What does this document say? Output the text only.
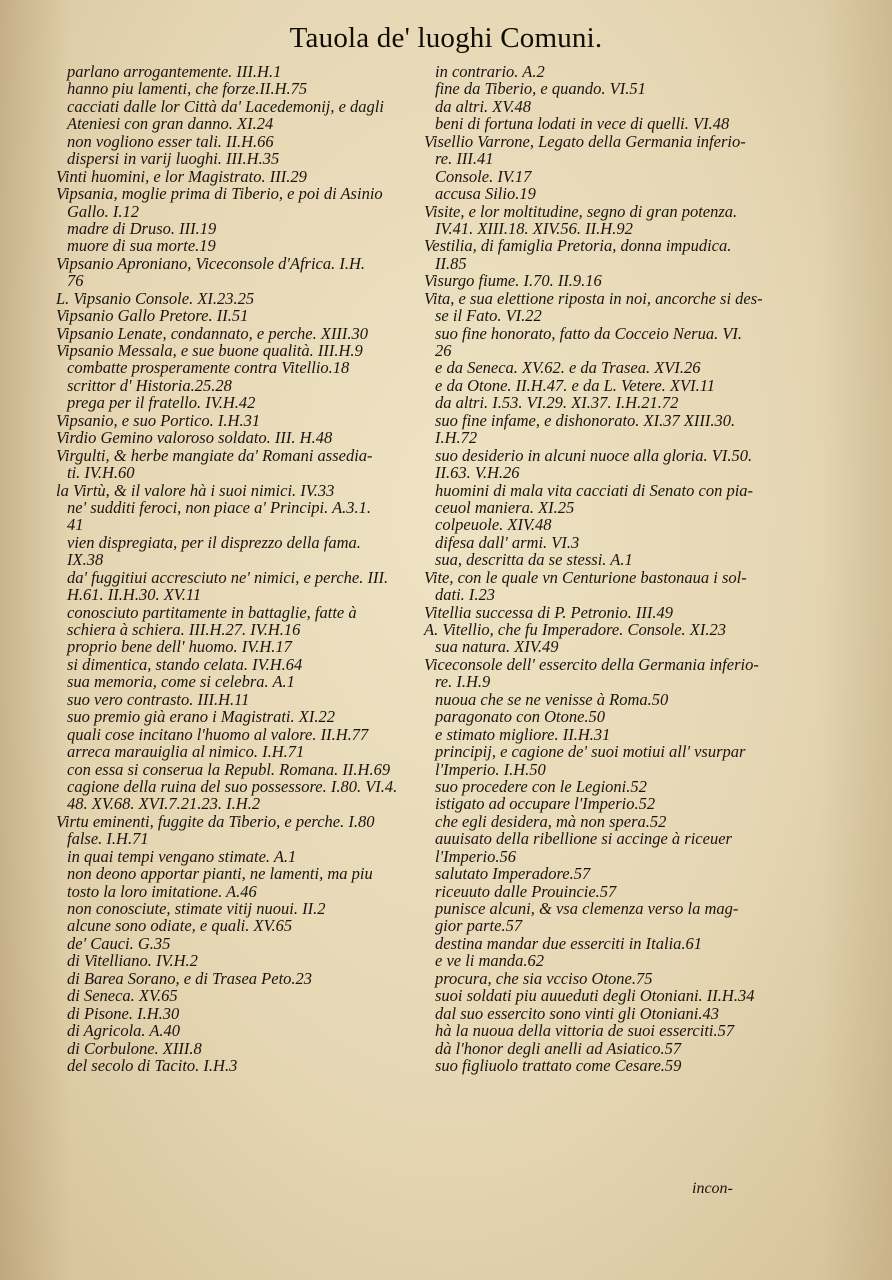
Tauola de' luoghi Comuni.
parlano arrogantemente. III.H.1
hanno piu lamenti, che forze.II.H.75
cacciati dalle lor Città da' Lacedemonij, e dagli
Ateniesi con gran danno. XI.24
non vogliono esser tali. II.H.66
dispersi in varij luoghi. III.H.35
Vinti huomini, e lor Magistrato. III.29
Vipsania, moglie prima di Tiberio, e poi di Asinio
Gallo. I.12
madre di Druso. III.19
muore di sua morte.19
Vipsanio Aproniano, Viceconsole d'Africa. I.H.
76
L. Vipsanio Console. XI.23.25
Vipsanio Gallo Pretore. II.51
Vipsanio Lenate, condannato, e perche. XIII.30
Vipsanio Messala, e sue buone qualità. III.H.9
combatte prosperamente contra Vitellio.18
scrittor d' Historia.25.28
prega per il fratello. IV.H.42
Vipsanio, e suo Portico. I.H.31
Virdio Gemino valoroso soldato. III. H.48
Virgulti, & herbe mangiate da' Romani assedia-
ti. IV.H.60
la Virtù, & il valore hà i suoi nimici. IV.33
ne' sudditi feroci, non piace a' Principi. A.3.1.
41
vien dispregiata, per il disprezzo della fama.
IX.38
da' fuggitiui accresciuto ne' nimici, e perche. III.
H.61. II.H.30. XV.11
conosciuto partitamente in battaglie, fatte à
schiera à schiera. III.H.27. IV.H.16
proprio bene dell' huomo. IV.H.17
si dimentica, stando celata. IV.H.64
sua memoria, come si celebra. A.1
suo vero contrasto. III.H.11
suo premio già erano i Magistrati. XI.22
quali cose incitano l'huomo al valore. II.H.77
arreca marauiglia al nimico. I.H.71
con essa si conserua la Republ. Romana. II.H.69
cagione della ruina del suo possessore. I.80. VI.4.
48. XV.68. XVI.7.21.23. I.H.2
Virtu eminenti, fuggite da Tiberio, e perche. I.80
false. I.H.71
in quai tempi vengano stimate. A.1
non deono apportar pianti, ne lamenti, ma piu
tosto la loro imitatione. A.46
non conosciute, stimate vitij nuoui. II.2
alcune sono odiate, e quali. XV.65
de' Cauci. G.35
di Vitelliano. IV.H.2
di Barea Sorano, e di Trasea Peto.23
di Seneca. XV.65
di Pisone. I.H.30
di Agricola. A.40
di Corbulone. XIII.8
del secolo di Tacito. I.H.3
in contrario. A.2
fine da Tiberio, e quando. VI.51
da altri. XV.48
beni di fortuna lodati in vece di quelli. VI.48
Visellio Varrone, Legato della Germania inferio-
re. III.41
Console. IV.17
accusa Silio.19
Visite, e lor moltitudine, segno di gran potenza.
IV.41. XIII.18. XIV.56. II.H.92
Vestilia, di famiglia Pretoria, donna impudica.
II.85
Visurgo fiume. I.70. II.9.16
Vita, e sua elettione riposta in noi, ancorche si des-
se il Fato. VI.22
suo fine honorato, fatto da Cocceio Nerua. VI.
26
e da Seneca. XV.62. e da Trasea. XVI.26
e da Otone. II.H.47. e da L. Vetere. XVI.11
da altri. I.53. VI.29. XI.37. I.H.21.72
suo fine infame, e dishonorato. XI.37 XIII.30.
I.H.72
suo desiderio in alcuni nuoce alla gloria. VI.50.
II.63. V.H.26
huomini di mala vita cacciati di Senato con pia-
ceuol maniera. XI.25
colpeuole. XIV.48
difesa dall' armi. VI.3
sua, descritta da se stessi. A.1
Vite, con le quale vn Centurione bastonaua i sol-
dati. I.23
Vitellia successa di P. Petronio. III.49
A. Vitellio, che fu Imperadore. Console. XI.23
sua natura. XIV.49
Viceconsole dell' essercito della Germania inferio-
re. I.H.9
nuoua che se ne venisse à Roma.50
paragonato con Otone.50
e stimato migliore. II.H.31
principij, e cagione de' suoi motiui all' vsurpar
l'Imperio. I.H.50
suo procedere con le Legioni.52
istigato ad occupare l'Imperio.52
che egli desidera, mà non spera.52
auuisato della ribellione si accinge à riceuer
l'Imperio.56
salutato Imperadore.57
riceuuto dalle Prouincie.57
punisce alcuni, & vsa clemenza verso la mag-
gior parte.57
destina mandar due esserciti in Italia.61
e ve li manda.62
procura, che sia vcciso Otone.75
suoi soldati piu auueduti degli Otoniani. II.H.34
dal suo essercito sono vinti gli Otoniani.43
hà la nuoua della vittoria de suoi esserciti.57
dà l'honor degli anelli ad Asiatico.57
suo figliuolo trattato come Cesare.59
incon-
